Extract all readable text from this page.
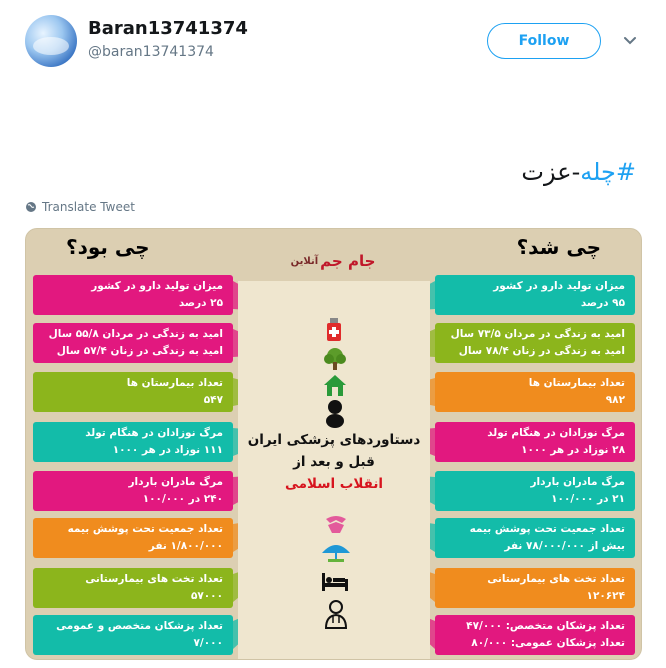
Baran13741374
@baran13741374
Follow
#چله-عزت
Translate Tweet
چی بود؟	چی شد؟
دستاوردهای پزشکی ایران
قبل و بعد از
انقلاب اسلامی
جام جم
آنلاین
میزان تولید دارو در کشور
۲۵ درصد
امید به زندگی در مردان ۵۵/۸ سال
امید به زندگی در زنان ۵۷/۴ سال
تعداد بیمارستان ها
۵۴۷
مرگ نوزادان در هنگام تولد
۱۱۱ نوزاد در هر ۱۰۰۰
مرگ مادران باردار
۲۴۰ در ۱۰۰/۰۰۰
تعداد جمعیت تحت پوشش بیمه
۱/۸۰۰/۰۰۰ نفر
تعداد تخت های بیمارستانی
۵۷۰۰۰
تعداد پزشکان متخصص و عمومی
۷/۰۰۰
میزان تولید دارو در کشور
۹۵ درصد
امید به زندگی در مردان ۷۳/۵ سال
امید به زندگی در زنان ۷۸/۴ سال
تعداد بیمارستان ها
۹۸۲
مرگ نوزادان در هنگام تولد
۲۸ نوزاد در هر ۱۰۰۰
مرگ مادران باردار
۲۱ در ۱۰۰/۰۰۰
تعداد جمعیت تحت پوشش بیمه
بیش از ۷۸/۰۰۰/۰۰۰ نفر
تعداد تخت های بیمارستانی
۱۲۰۶۲۴
تعداد پزشکان متخصص: ۴۷/۰۰۰
تعداد پزشکان عمومی: ۸۰/۰۰۰
